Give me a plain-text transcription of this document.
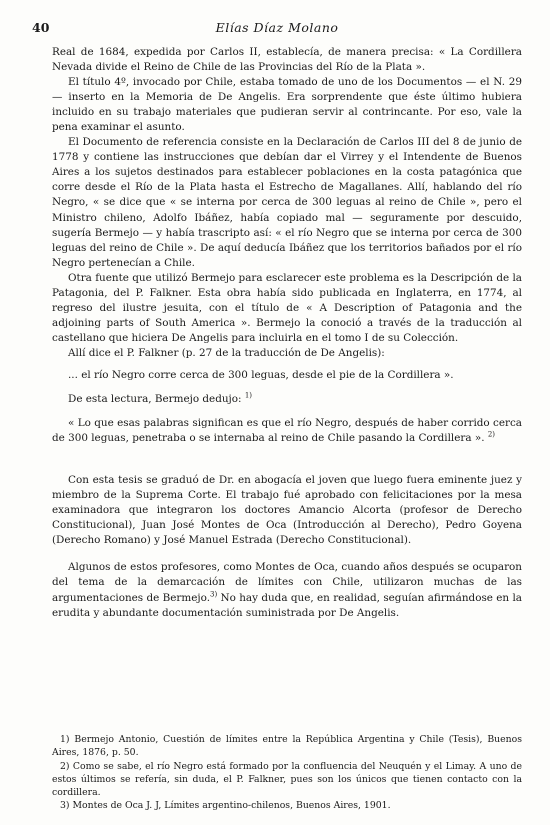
40	Elías Díaz Molano

Real de 1684, expedida por Carlos II, establecía, de manera precisa: « La Cordillera Nevada divide el Reino de Chile de las Provincias del Río de la Plata ».

El título 4º, invocado por Chile, estaba tomado de uno de los Documentos — el N. 29 — inserto en la Memoria de De Angelis. Era sorprendente que éste último hubiera incluido en su trabajo materiales que pudieran servir al contrincante. Por eso, vale la pena examinar el asunto.

El Documento de referencia consiste en la Declaración de Carlos III del 8 de junio de 1778 y contiene las instrucciones que debían dar el Virrey y el Intendente de Buenos Aires a los sujetos destinados para establecer poblaciones en la costa patagónica que corre desde el Río de la Plata hasta el Estrecho de Magallanes. Allí, hablando del río Negro, « se dice que « se interna por cerca de 300 leguas al reino de Chile », pero el Ministro chileno, Adolfo Ibáñez, había copiado mal — seguramente por descuido, sugería Bermejo — y había trascripto así: « el río Negro que se interna por cerca de 300 leguas del reino de Chile ». De aquí deducía Ibáñez que los territorios bañados por el río Negro pertenecían a Chile.

Otra fuente que utilizó Bermejo para esclarecer este problema es la Descripción de la Patagonia, del P. Falkner. Esta obra había sido publicada en Inglaterra, en 1774, al regreso del ilustre jesuita, con el título de « A Description of Patagonia and the adjoining parts of South America ». Bermejo la conoció a través de la traducción al castellano que hiciera De Angelis para incluirla en el tomo I de su Colección.

Allí dice el P. Falkner (p. 27 de la traducción de De Angelis):

... el río Negro corre cerca de 300 leguas, desde el pie de la Cordillera ».

De esta lectura, Bermejo dedujo: $^{1)}$

« Lo que esas palabras significan es que el río Negro, después de haber corrido cerca de 300 leguas, penetraba o se internaba al reino de Chile pasando la Cordillera ». $^{2)}$

Con esta tesis se graduó de Dr. en abogacía el joven que luego fuera eminente juez y miembro de la Suprema Corte. El trabajo fué aprobado con felicitaciones por la mesa examinadora que integraron los doctores Amancio Alcorta (profesor de Derecho Constitucional), Juan José Montes de Oca (Introducción al Derecho), Pedro Goyena (Derecho Romano) y José Manuel Estrada (Derecho Constitucional).

Algunos de estos profesores, como Montes de Oca, cuando años después se ocuparon del tema de la demarcación de límites con Chile, utilizaron muchas de las argumentaciones de Bermejo.$^{3)}$ No hay duda que, en realidad, seguían afirmándose en la erudita y abundante documentación suministrada por De Angelis.

1) Bermejo Antonio, Cuestión de límites entre la República Argentina y Chile (Tesis), Buenos Aires, 1876, p. 50.

2) Como se sabe, el río Negro está formado por la confluencia del Neuquén y el Limay. A uno de estos últimos se refería, sin duda, el P. Falkner, pues son los únicos que tienen contacto con la cordillera.

3) Montes de Oca J. J, Límites argentino-chilenos, Buenos Aires, 1901.
